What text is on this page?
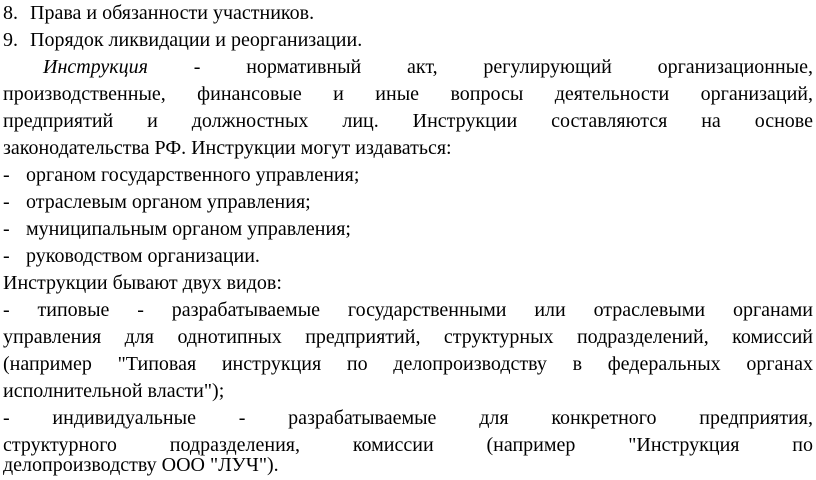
8. Права и обязанности участников.
9. Порядок ликвидации и реорганизации.
Инструкция - нормативный акт, регулирующий организационные,
производственные, финансовые и иные вопросы деятельности организаций,
предприятий и должностных лиц. Инструкции составляются на основе
законодательства РФ. Инструкции могут издаваться:
- органом государственного управления;
- отраслевым органом управления;
- муниципальным органом управления;
- руководством организации.
Инструкции бывают двух видов:
- типовые - разрабатываемые государственными или отраслевыми органами
управления для однотипных предприятий, структурных подразделений, комиссий
(например "Типовая инструкция по делопроизводству в федеральных органах
исполнительной власти");
- индивидуальные - разрабатываемые для конкретного предприятия,
структурного подразделения, комиссии (например "Инструкция по
делопроизводству ООО "ЛУЧ").
